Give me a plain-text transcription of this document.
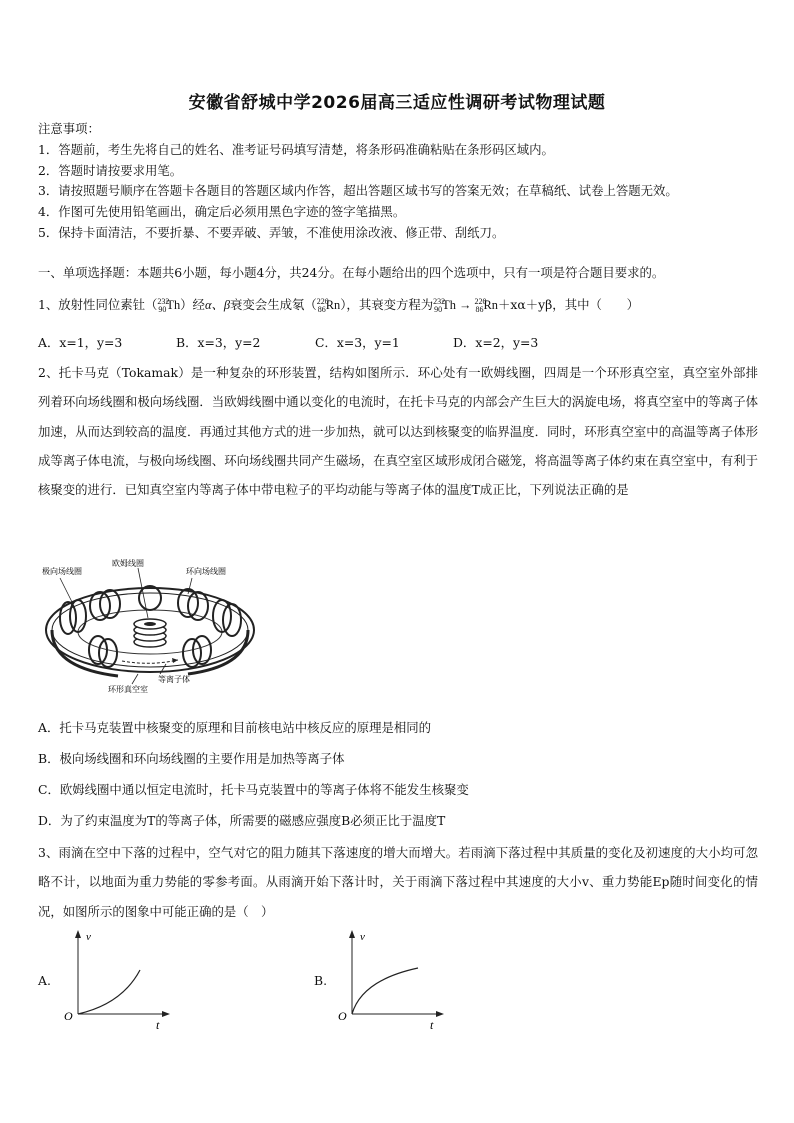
安徽省舒城中学2026届高三适应性调研考试物理试题
注意事项：
1．答题前，考生先将自己的姓名、准考证号码填写清楚，将条形码准确粘贴在条形码区域内。
2．答题时请按要求用笔。
3．请按照题号顺序在答题卡各题目的答题区域内作答，超出答题区域书写的答案无效；在草稿纸、试卷上答题无效。
4．作图可先使用铅笔画出，确定后必须用黑色字迹的签字笔描黑。
5．保持卡面清洁，不要折暴、不要弄破、弄皱，不准使用涂改液、修正带、刮纸刀。
一、单项选择题：本题共6小题，每小题4分，共24分。在每小题给出的四个选项中，只有一项是符合题目要求的。
1、放射性同位素钍（$^{232}_{90}$Th）经α、β衰变会生成氡（$^{220}_{86}$Rn），其衰变方程为$^{232}_{90}$Th → $^{220}_{86}$Rn＋xα＋yβ，其中（　　）
A．x=1，y=3	B．x=3，y=2	C．x=3，y=1	D．x=2，y=3
2、托卡马克（Tokamak）是一种复杂的环形装置，结构如图所示．环心处有一欧姆线圈，四周是一个环形真空室，真空室外部排列着环向场线圈和极向场线圈．当欧姆线圈中通以变化的电流时，在托卡马克的内部会产生巨大的涡旋电场，将真空室中的等离子体加速，从而达到较高的温度．再通过其他方式的进一步加热，就可以达到核聚变的临界温度．同时，环形真空室中的高温等离子体形成等离子体电流，与极向场线圈、环向场线圈共同产生磁场，在真空室区域形成闭合磁笼，将高温等离子体约束在真空室中，有利于核聚变的进行．已知真空室内等离子体中带电粒子的平均动能与等离子体的温度T成正比，下列说法正确的是
极向场线圈
欧姆线圈
环向场线圈
等离子体
环形真空室
A．托卡马克装置中核聚变的原理和目前核电站中核反应的原理是相同的
B．极向场线圈和环向场线圈的主要作用是加热等离子体
C．欧姆线圈中通以恒定电流时，托卡马克装置中的等离子体将不能发生核聚变
D．为了约束温度为T的等离子体，所需要的磁感应强度B必须正比于温度T
3、雨滴在空中下落的过程中，空气对它的阻力随其下落速度的增大而增大。若雨滴下落过程中其质量的变化及初速度的大小均可忽略不计，以地面为重力势能的零参考面。从雨滴开始下落计时，关于雨滴下落过程中其速度的大小v、重力势能Ep随时间变化的情况，如图所示的图象中可能正确的是（　）
A.
v
O
t
B.
v
O
t
